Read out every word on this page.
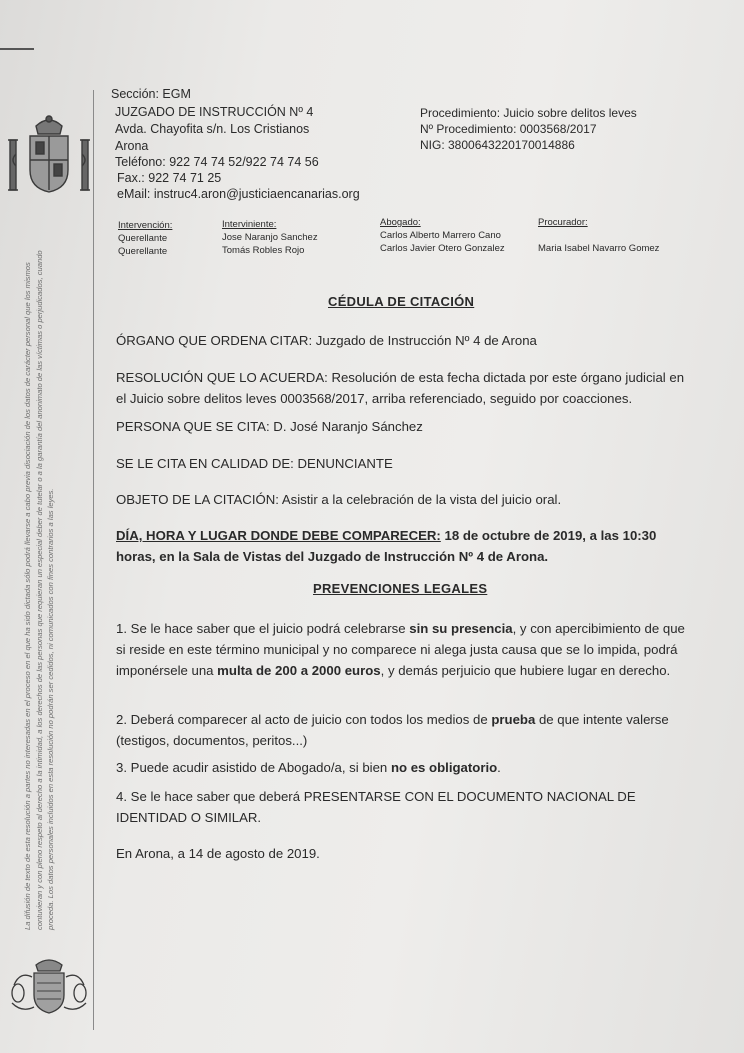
La difusión de texto de esta resolución a partes no interesadas en el proceso en el que ha sido dictada sólo podrá llevarse a cabo previa disociación de los datos de carácter personal que los mismos contuvieran y con pleno respeto al derecho a la intimidad, a los derechos de las personas que requieran un especial deber de tutelar o a la garantía del anonimato de las víctimas o perjudicados, cuando proceda. Los datos personales incluidos en esta resolución no podrán ser cedidos, ni comunicados con fines contrarios a las leyes.
Sección: EGM
JUZGADO DE INSTRUCCIÓN Nº 4
Avda. Chayofita s/n. Los Cristianos
Arona
Teléfono: 922 74 74 52/922 74 74 56
Fax.: 922 74 71 25
eMail: instruc4.aron@justiciaencanarias.org
Procedimiento: Juicio sobre delitos leves
Nº Procedimiento: 0003568/2017
NIG: 3800643220170014886
Intervención:
Querellante
Querellante
Interviniente:
Jose Naranjo Sanchez
Tomás Robles Rojo
Abogado:
Carlos Alberto Marrero Cano
Carlos Javier Otero Gonzalez
Procurador:
Maria Isabel Navarro Gomez
CÉDULA DE CITACIÓN
ÓRGANO QUE ORDENA CITAR: Juzgado de Instrucción Nº 4 de Arona
RESOLUCIÓN QUE LO ACUERDA: Resolución de esta fecha dictada por este órgano judicial en el Juicio sobre delitos leves 0003568/2017, arriba referenciado, seguido por coacciones.
PERSONA QUE SE CITA: D. José Naranjo Sánchez
SE LE CITA EN CALIDAD DE: DENUNCIANTE
OBJETO DE LA CITACIÓN: Asistir a la celebración de la vista del juicio oral.
DÍA, HORA Y LUGAR DONDE DEBE COMPARECER: 18 de octubre de 2019, a las 10:30 horas, en la Sala de Vistas del Juzgado de Instrucción Nº 4 de Arona.
PREVENCIONES LEGALES
1. Se le hace saber que el juicio podrá celebrarse sin su presencia, y con apercibimiento de que si reside en este término municipal y no comparece ni alega justa causa que se lo impida, podrá imponérsele una multa de 200 a 2000 euros, y demás perjuicio que hubiere lugar en derecho.
2. Deberá comparecer al acto de juicio con todos los medios de prueba de que intente valerse (testigos, documentos, peritos...)
3. Puede acudir asistido de Abogado/a, si bien no es obligatorio.
4. Se le hace saber que deberá PRESENTARSE CON EL DOCUMENTO NACIONAL DE IDENTIDAD O SIMILAR.
En Arona, a 14 de agosto de 2019.
